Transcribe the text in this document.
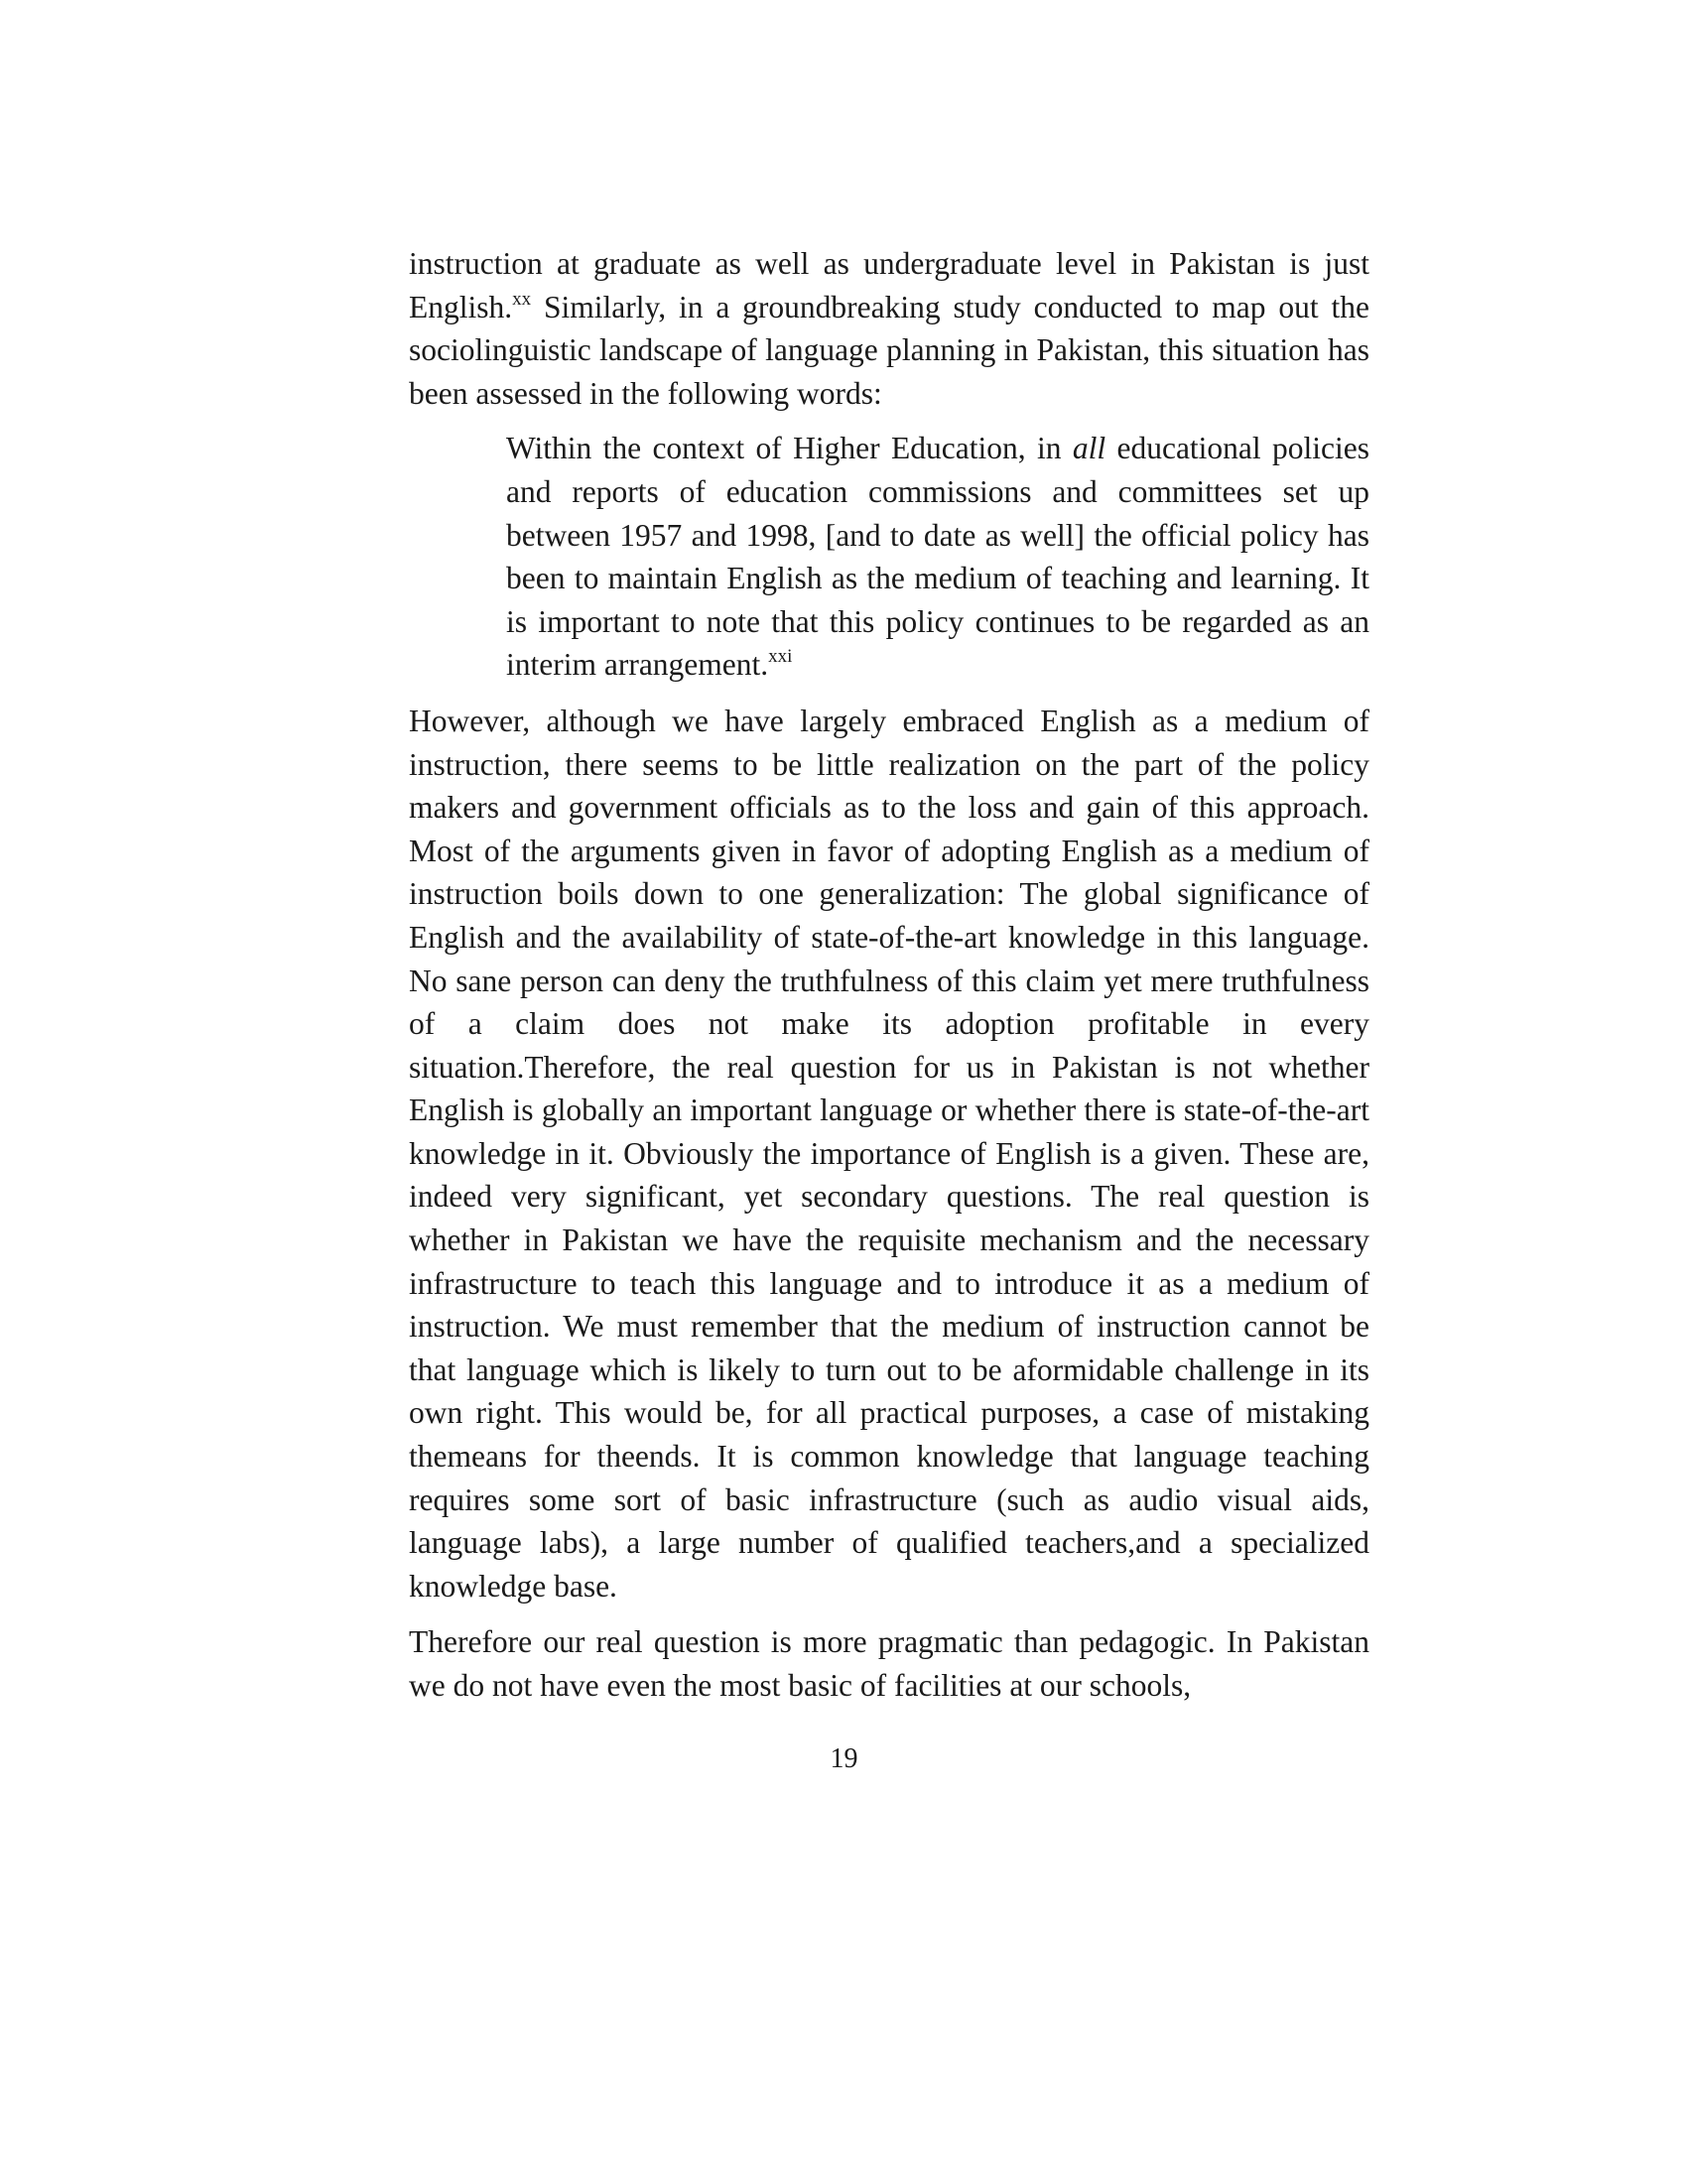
instruction at graduate as well as undergraduate level in Pakistan is just English.$^{xx}$ Similarly, in a groundbreaking study conducted to map out the sociolinguistic landscape of language planning in Pakistan, this situation has been assessed in the following words:

Within the context of Higher Education, in all educational policies and reports of education commissions and committees set up between 1957 and 1998, [and to date as well] the official policy has been to maintain English as the medium of teaching and learning. It is important to note that this policy continues to be regarded as an interim arrangement.$^{xxi}$

However, although we have largely embraced English as a medium of instruction, there seems to be little realization on the part of the policy makers and government officials as to the loss and gain of this approach. Most of the arguments given in favor of adopting English as a medium of instruction boils down to one generalization: The global significance of English and the availability of state-of-the-art knowledge in this language. No sane person can deny the truthfulness of this claim yet mere truthfulness of a claim does not make its adoption profitable in every situation.Therefore, the real question for us in Pakistan is not whether English is globally an important language or whether there is state-of-the-art knowledge in it. Obviously the importance of English is a given. These are, indeed very significant, yet secondary questions. The real question is whether in Pakistan we have the requisite mechanism and the necessary infrastructure to teach this language and to introduce it as a medium of instruction. We must remember that the medium of instruction cannot be that language which is likely to turn out to be aformidable challenge in its own right. This would be, for all practical purposes, a case of mistaking themeans for theends. It is common knowledge that language teaching requires some sort of basic infrastructure (such as audio visual aids, language labs), a large number of qualified teachers,and a specialized knowledge base.

Therefore our real question is more pragmatic than pedagogic. In Pakistan we do not have even the most basic of facilities at our schools,

19
